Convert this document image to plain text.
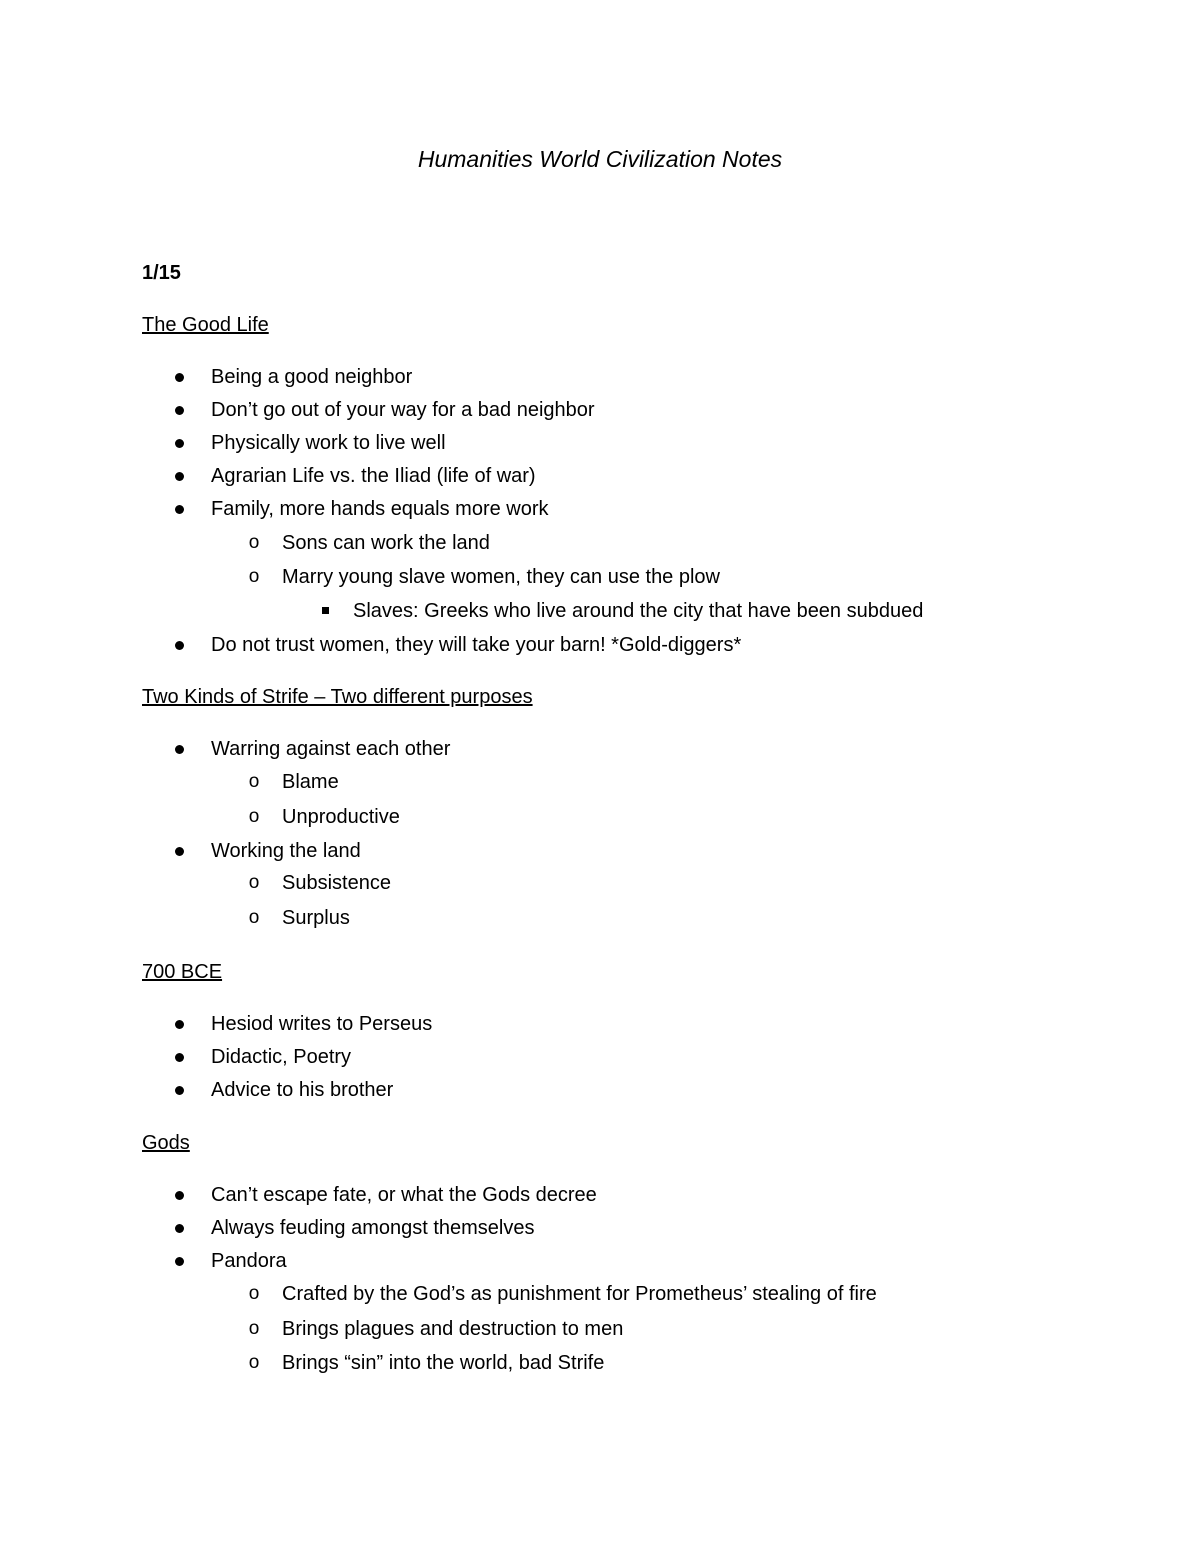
Humanities World Civilization Notes
1/15
The Good Life
Being a good neighbor
Don’t go out of your way for a bad neighbor
Physically work to live well
Agrarian Life vs. the Iliad (life of war)
Family, more hands equals more work
o Sons can work the land
o Marry young slave women, they can use the plow
Slaves: Greeks who live around the city that have been subdued
Do not trust women, they will take your barn! *Gold-diggers*
Two Kinds of Strife – Two different purposes
Warring against each other
o Blame
o Unproductive
Working the land
o Subsistence
o Surplus
700 BCE
Hesiod writes to Perseus
Didactic, Poetry
Advice to his brother
Gods
Can’t escape fate, or what the Gods decree
Always feuding amongst themselves
Pandora
o Crafted by the God’s as punishment for Prometheus’ stealing of fire
o Brings plagues and destruction to men
o Brings “sin” into the world, bad Strife
